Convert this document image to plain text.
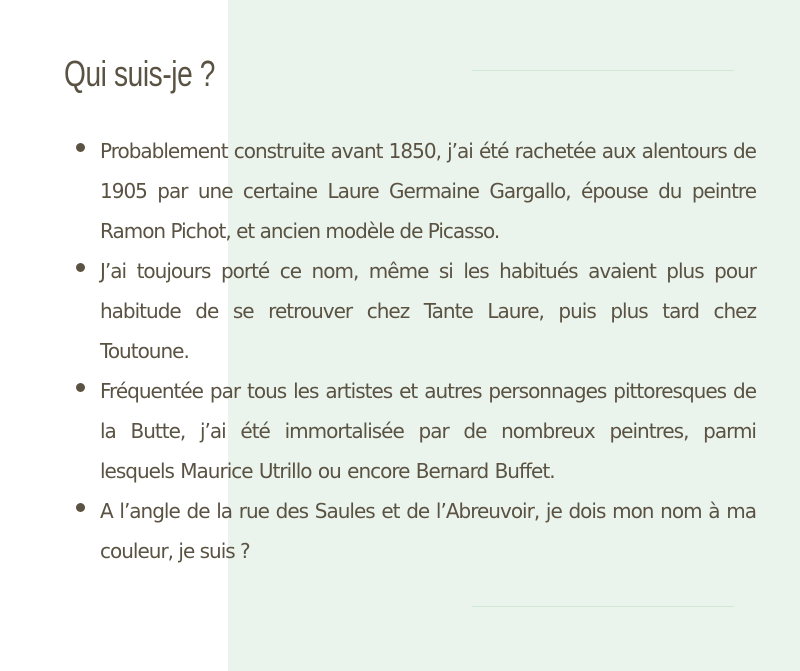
Qui suis-je ?
Probablement construite avant 1850, j’ai été rachetée aux alentours de 1905 par une certaine Laure Germaine Gargallo, épouse du peintre Ramon Pichot, et ancien modèle de Picasso.
J’ai toujours porté ce nom, même si les habitués avaient plus pour habitude de se retrouver chez Tante Laure, puis plus tard chez Toutoune.
Fréquentée par tous les artistes et autres personnages pittoresques de la Butte, j’ai été immortalisée par de nombreux peintres, parmi lesquels Maurice Utrillo ou encore Bernard Buffet.
A l’angle de la rue des Saules et de l’Abreuvoir, je dois mon nom à ma couleur, je suis ?
